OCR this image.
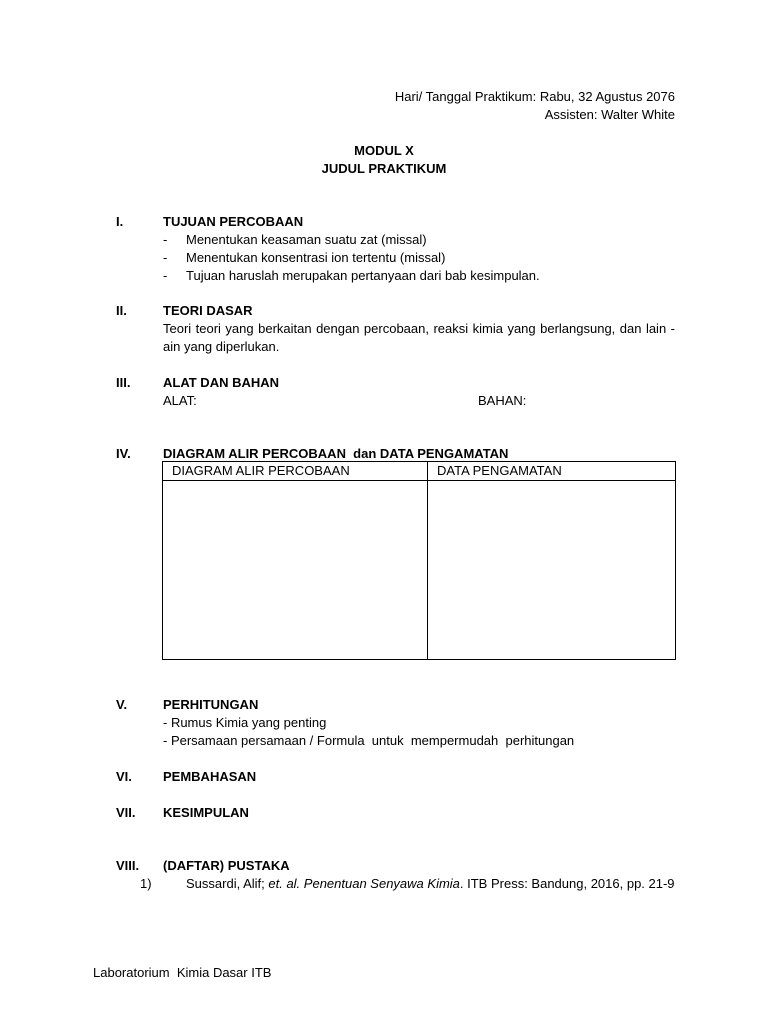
Hari/ Tanggal Praktikum: Rabu, 32 Agustus 2076
Assisten: Walter White
MODUL X
JUDUL PRAKTIKUM
I.	TUJUAN PERCOBAAN
- Menentukan keasaman suatu zat (missal)
- Menentukan konsentrasi ion tertentu (missal)
- Tujuan haruslah merupakan pertanyaan dari bab kesimpulan.
II.	TEORI DASAR
Teori teori yang berkaitan dengan percobaan, reaksi kimia yang berlangsung, dan lain -ain yang diperlukan.
III.	ALAT DAN BAHAN
ALAT:	BAHAN:
IV. DIAGRAM ALIR PERCOBAAN  dan DATA PENGAMATAN
DIAGRAM ALIR PERCOBAAN	DATA PENGAMATAN

V.	PERHITUNGAN
- Rumus Kimia yang penting
- Persamaan persamaan / Formula  untuk  mempermudah  perhitungan
VI. PEMBAHASAN
VII. KESIMPULAN
VIII. (DAFTAR) PUSTAKA
1)	Sussardi, Alif; et. al. Penentuan Senyawa Kimia. ITB Press: Bandung, 2016, pp. 21-9
Laboratorium  Kimia Dasar ITB
